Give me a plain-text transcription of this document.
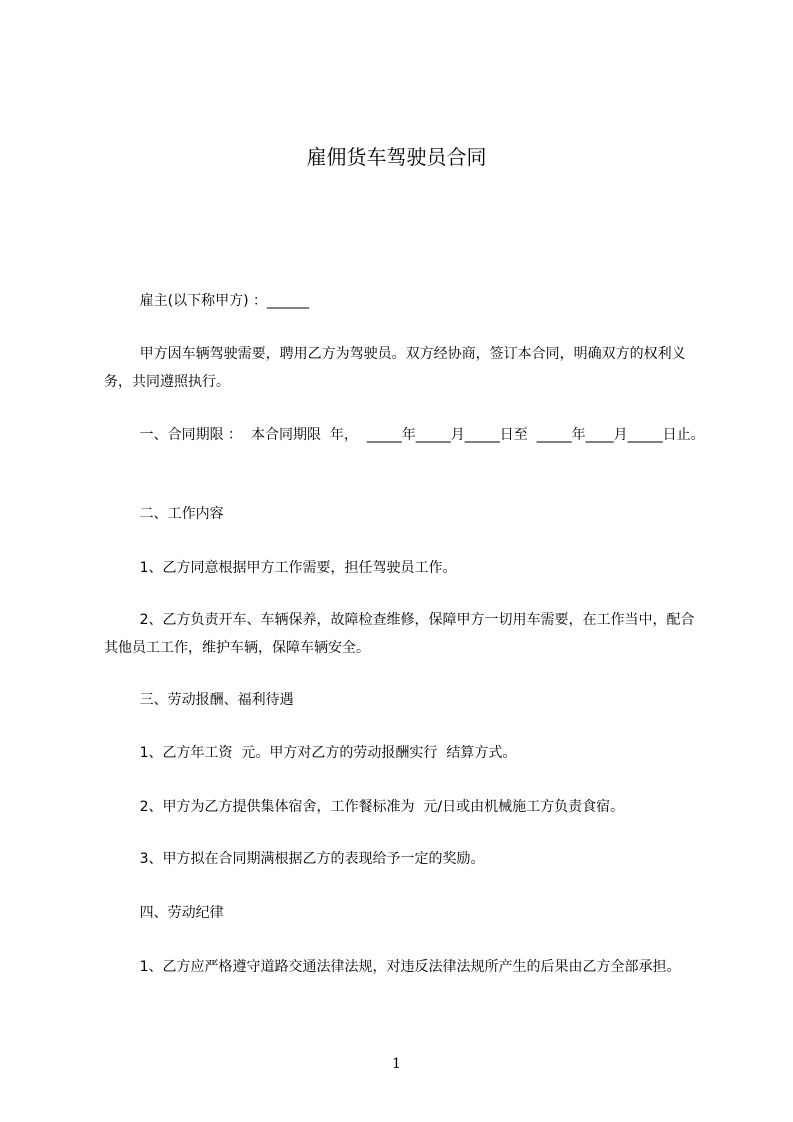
雇佣货车驾驶员合同

雇主(以下称甲方) ：______

甲方因车辆驾驶需要，聘用乙方为驾驶员。双方经协商，签订本合同，明确双方的权利义务，共同遵照执行。

一、合同期限 ：  本合同期限  年，  _____年_____月_____日至  _____年____月_____日止。

二、工作内容

1、乙方同意根据甲方工作需要，担任驾驶员工作。

2、乙方负责开车、车辆保养，故障检查维修，保障甲方一切用车需要，在工作当中，配合其他员工工作，维护车辆，保障车辆安全。

三、劳动报酬、福利待遇

1、乙方年工资  元。甲方对乙方的劳动报酬实行  结算方式。

2、甲方为乙方提供集体宿舍，工作餐标准为  元/日或由机械施工方负责食宿。

3、甲方拟在合同期满根据乙方的表现给予一定的奖励。

四、劳动纪律

1、乙方应严格遵守道路交通法律法规，对违反法律法规所产生的后果由乙方全部承担。

1
